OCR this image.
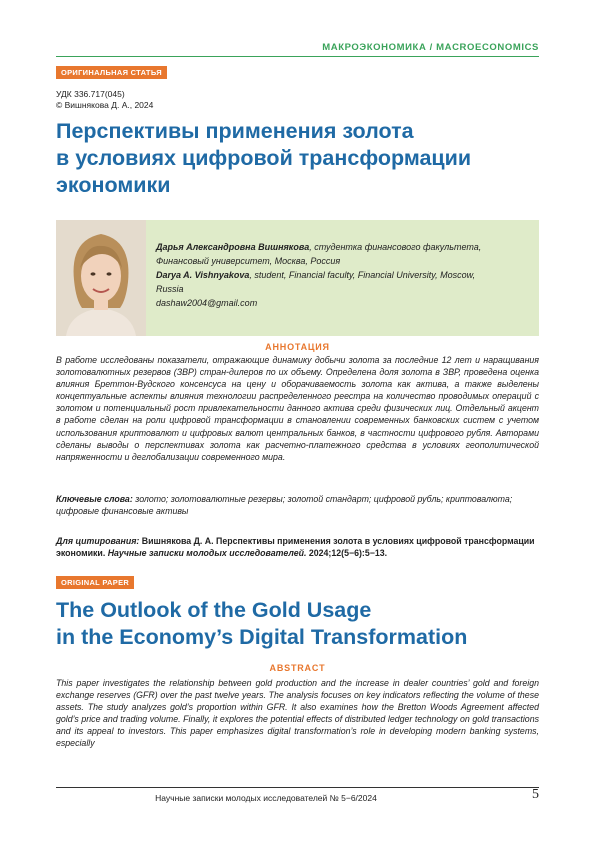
МАКРОЭКОНОМИКА / MACROECONOMICS
ОРИГИНАЛЬНАЯ СТАТЬЯ
УДК 336.717(045)
© Вишнякова Д. А., 2024
Перспективы применения золота
в условиях цифровой трансформации
экономики
Дарья Александровна Вишнякова, студентка финансового факультета,
Финансовый университет, Москва, Россия
Darya A. Vishnyakova, student, Financial faculty, Financial University, Moscow,
Russia
dashaw2004@gmail.com
АННОТАЦИЯ
В работе исследованы показатели, отражающие динамику добычи золота за последние 12 лет и наращивания золотовалютных резервов (ЗВР) стран-дилеров по их объему. Определена доля золота в ЗВР, проведена оценка влияния Бреттон-Вудского консенсуса на цену и оборачиваемость золота как актива, а также выделены концептуальные аспекты влияния технологии распределенного реестра на количество проводимых операций с золотом и потенциальный рост привлекательности данного актива среди физических лиц. Отдельный акцент в работе сделан на роли цифровой трансформации в становлении современных банковских систем с учетом использования криптовалют и цифровых валют центральных банков, в частности цифрового рубля. Авторами сделаны выводы о перспективах золота как расчетно-платежного средства в условиях геополитической напряженности и деглобализации современного мира.
Ключевые слова: золото; золотовалютные резервы; золотой стандарт; цифровой рубль; криптовалюта; цифровые финансовые активы
Для цитирования: Вишнякова Д. А. Перспективы применения золота в условиях цифровой трансформации экономики. Научные записки молодых исследователей. 2024;12(5−6):5−13.
ORIGINAL PAPER
The Outlook of the Gold Usage
in the Economy’s Digital Transformation
ABSTRACT
This paper investigates the relationship between gold production and the increase in dealer countries’ gold and foreign exchange reserves (GFR) over the past twelve years. The analysis focuses on key indicators reflecting the volume of these assets. The study analyzes gold’s proportion within GFR. It also examines how the Bretton Woods Agreement affected gold’s price and trading volume. Finally, it explores the potential effects of distributed ledger technology on gold transactions and its appeal to investors. This paper emphasizes digital transformation’s role in developing modern banking systems, especially
Научные записки молодых исследователей № 5−6/2024	5
